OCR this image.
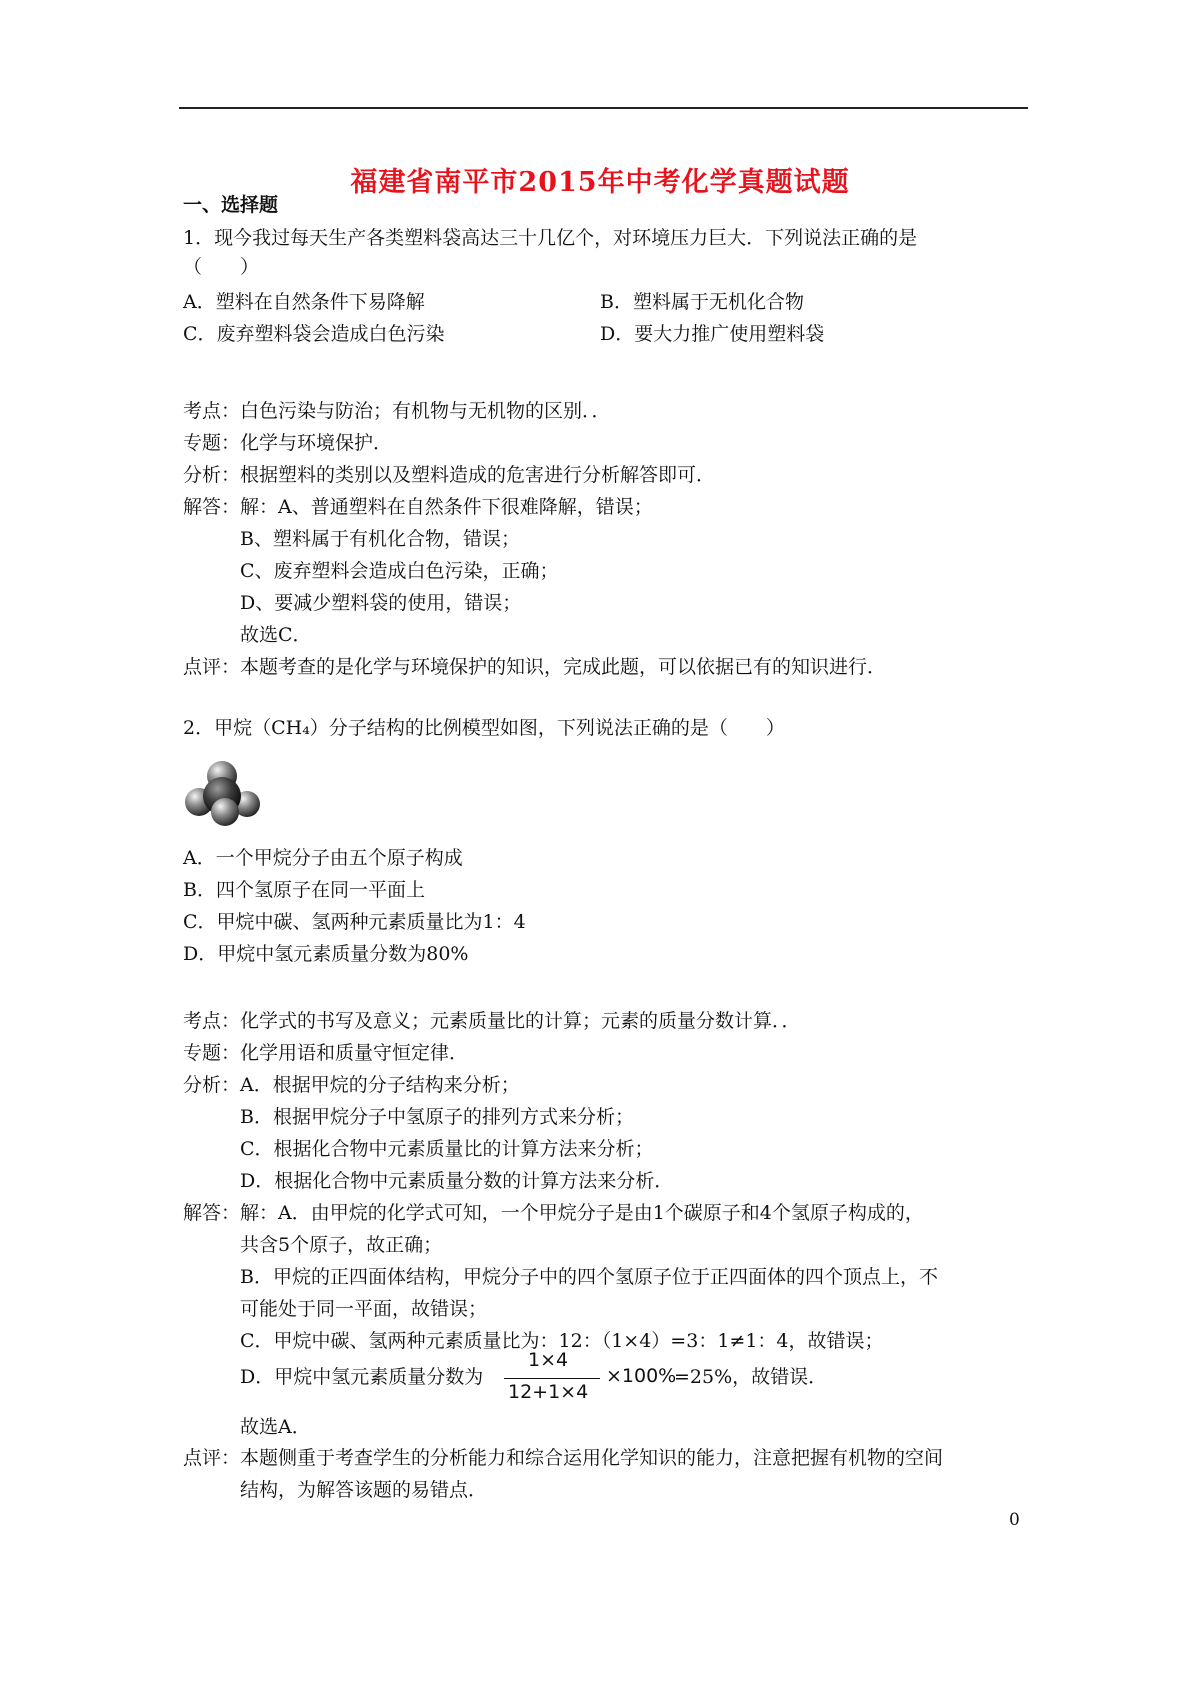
福建省南平市2015年中考化学真题试题
一、选择题
1．现今我过每天生产各类塑料袋高达三十几亿个，对环境压力巨大．下列说法正确的是
（　　）
A．塑料在自然条件下易降解	B．塑料属于无机化合物
C．废弃塑料袋会造成白色污染	D．要大力推广使用塑料袋
考点：白色污染与防治；有机物与无机物的区别．．
专题：化学与环境保护．
分析：根据塑料的类别以及塑料造成的危害进行分析解答即可．
解答：解：A、普通塑料在自然条件下很难降解，错误；
B、塑料属于有机化合物，错误；
C、废弃塑料会造成白色污染，正确；
D、要减少塑料袋的使用，错误；
故选C．
点评：本题考查的是化学与环境保护的知识，完成此题，可以依据已有的知识进行．
2．甲烷（CH₄）分子结构的比例模型如图，下列说法正确的是（　　）
A．一个甲烷分子由五个原子构成
B．四个氢原子在同一平面上
C．甲烷中碳、氢两种元素质量比为1：4
D．甲烷中氢元素质量分数为80%
考点：化学式的书写及意义；元素质量比的计算；元素的质量分数计算．．
专题：化学用语和质量守恒定律．
分析：A．根据甲烷的分子结构来分析；
B．根据甲烷分子中氢原子的排列方式来分析；
C．根据化合物中元素质量比的计算方法来分析；
D．根据化合物中元素质量分数的计算方法来分析．
解答：解：A．由甲烷的化学式可知，一个甲烷分子是由1个碳原子和4个氢原子构成的，
共含5个原子，故正确；
B．甲烷的正四面体结构，甲烷分子中的四个氢原子位于正四面体的四个顶点上，不
可能处于同一平面，故错误；
C．甲烷中碳、氢两种元素质量比为：12：（1×4）=3：1≠1：4，故错误；
D．甲烷中氢元素质量分数为
1×4
12+1×4
×100%
=25%，故错误．
故选A．
点评：本题侧重于考查学生的分析能力和综合运用化学知识的能力，注意把握有机物的空间
结构，为解答该题的易错点．
0
